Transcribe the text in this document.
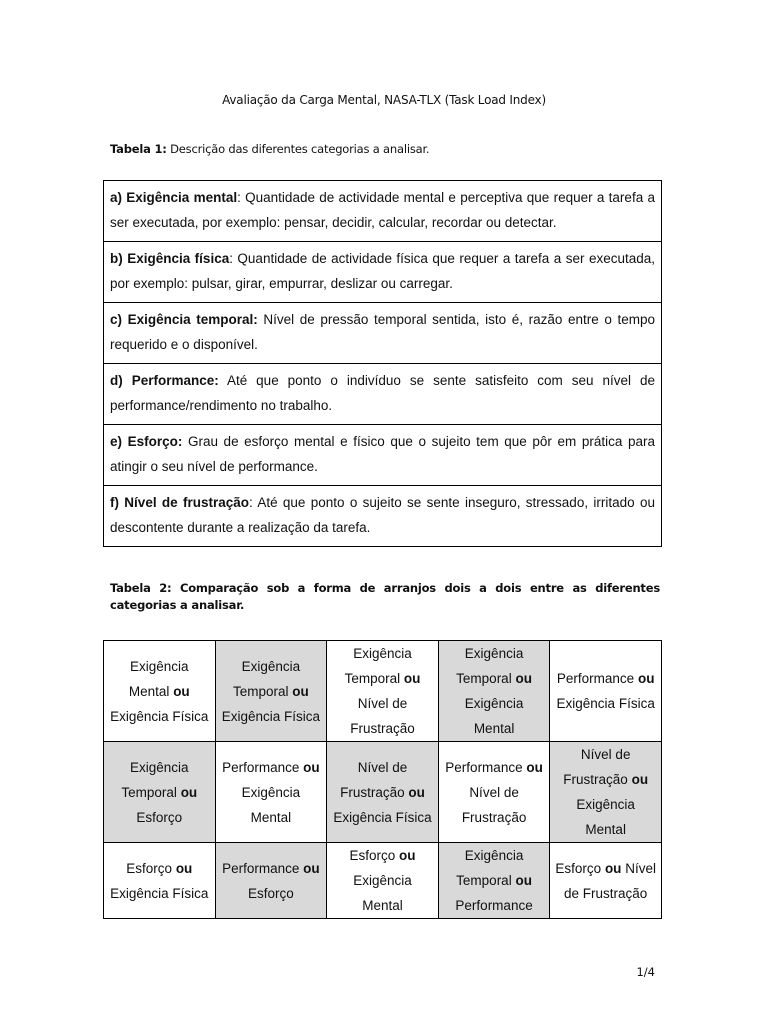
Avaliação da Carga Mental, NASA-TLX (Task Load Index)
Tabela 1: Descrição das diferentes categorias a analisar.
a) Exigência mental: Quantidade de actividade mental e perceptiva que requer a tarefa a ser executada, por exemplo: pensar, decidir, calcular, recordar ou detectar.
b) Exigência física: Quantidade de actividade física que requer a tarefa a ser executada, por exemplo: pulsar, girar, empurrar, deslizar ou carregar.
c) Exigência temporal: Nível de pressão temporal sentida, isto é, razão entre o tempo requerido e o disponível.
d) Performance: Até que ponto o indivíduo se sente satisfeito com seu nível de performance/rendimento no trabalho.
e) Esforço: Grau de esforço mental e físico que o sujeito tem que pôr em prática para atingir o seu nível de performance.
f) Nível de frustração: Até que ponto o sujeito se sente inseguro, stressado, irritado ou descontente durante a realização da tarefa.
Tabela 2: Comparação sob a forma de arranjos dois a dois entre as diferentes categorias a analisar.
Exigência Mental ou Exigência Física	Exigência Temporal ou Exigência Física	Exigência Temporal ou Nível de Frustração	Exigência Temporal ou Exigência Mental	Performance ou Exigência Física
Exigência Temporal ou Esforço	Performance ou Exigência Mental	Nível de Frustração ou Exigência Física	Performance ou Nível de Frustração	Nível de Frustração ou Exigência Mental
Esforço ou Exigência Física	Performance ou Esforço	Esforço ou Exigência Mental	Exigência Temporal ou Performance	Esforço ou Nível de Frustração
1/4
